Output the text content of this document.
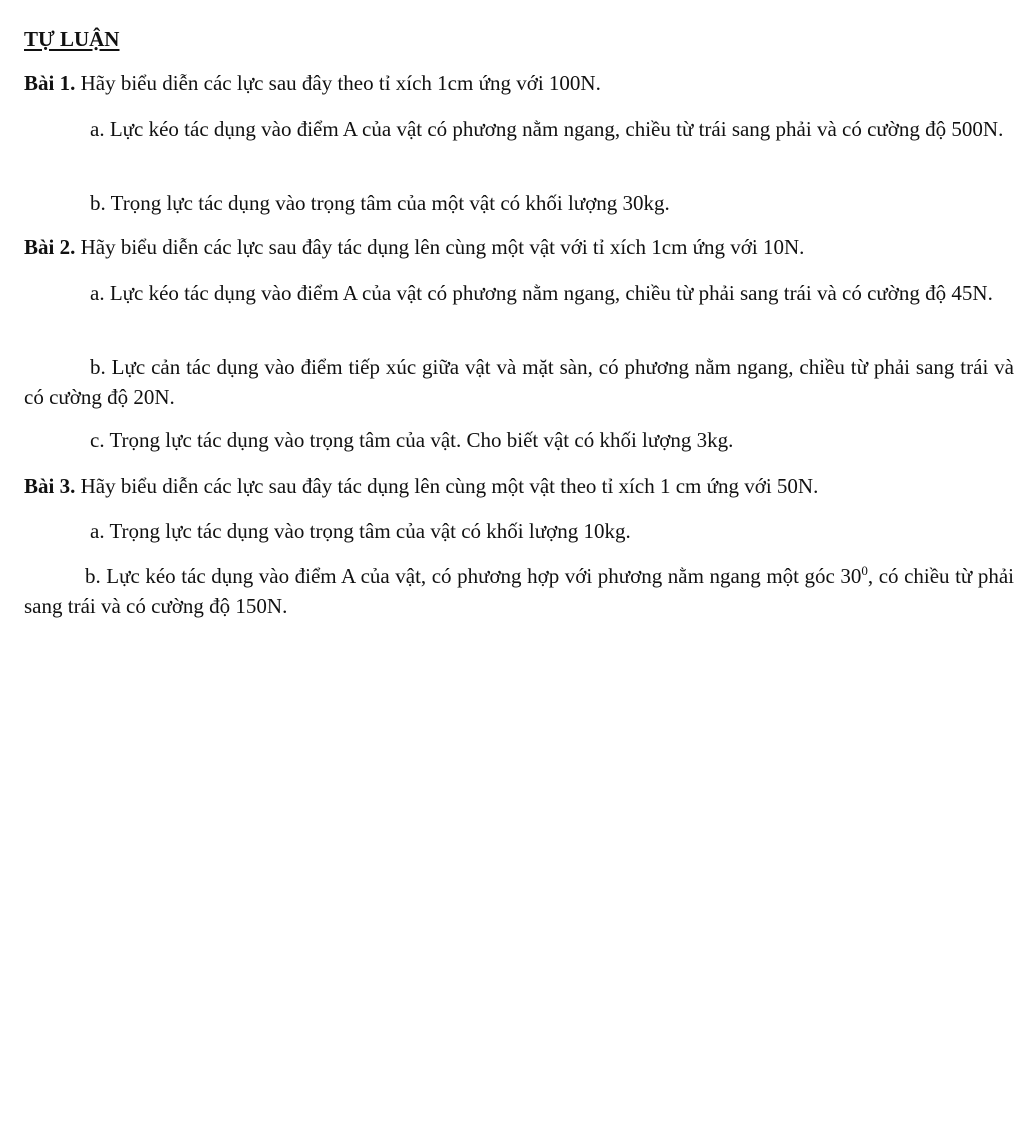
TỰ LUẬN

Bài 1. Hãy biểu diễn các lực sau đây theo tỉ xích 1cm ứng với 100N.

a. Lực kéo tác dụng vào điểm A của vật có phương nằm ngang, chiều từ trái sang phải và có cường độ 500N.

b. Trọng lực tác dụng vào trọng tâm của một vật có khối lượng 30kg.

Bài 2. Hãy biểu diễn các lực sau đây tác dụng lên cùng một vật với tỉ xích 1cm ứng với 10N.

a. Lực kéo tác dụng vào điểm A của vật có phương nằm ngang, chiều từ phải sang trái và có cường độ 45N.

b. Lực cản tác dụng vào điểm tiếp xúc giữa vật và mặt sàn, có phương nằm ngang, chiều từ phải sang trái và có cường độ 20N.

c. Trọng lực tác dụng vào trọng tâm của vật. Cho biết vật có khối lượng 3kg.

Bài 3. Hãy biểu diễn các lực sau đây tác dụng lên cùng một vật theo tỉ xích 1 cm ứng với 50N.

a. Trọng lực tác dụng vào trọng tâm của vật có khối lượng 10kg.

b. Lực kéo tác dụng vào điểm A của vật, có phương hợp với phương nằm ngang một góc $30^0$, có chiều từ phải sang trái và có cường độ 150N.
